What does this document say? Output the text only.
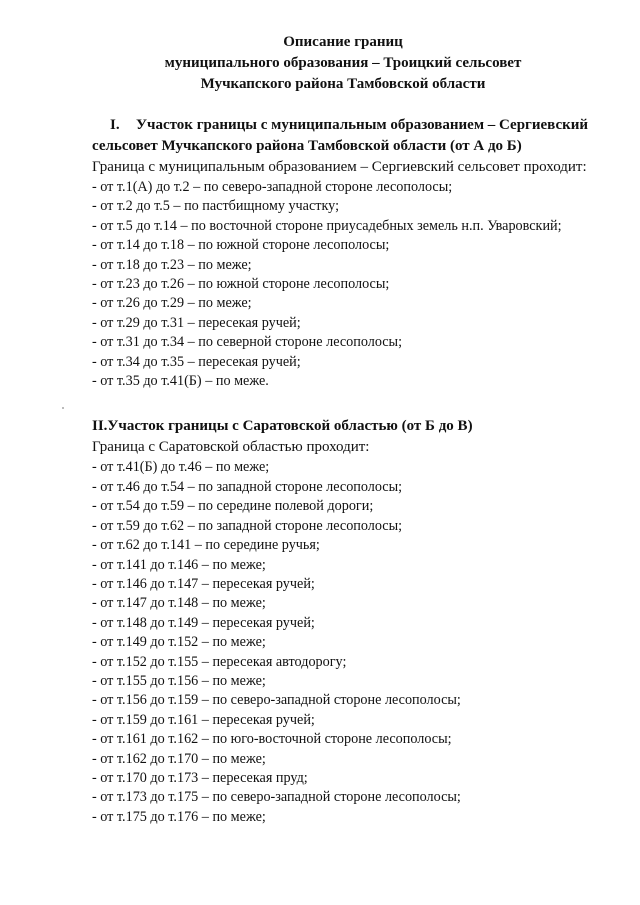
Описание границ
муниципального образования – Троицкий сельсовет
Мучкапского района Тамбовской области
I. Участок границы с муниципальным образованием – Сергиевский
сельсовет Мучкапского района Тамбовской области (от А до Б)
Граница с муниципальным образованием – Сергиевский сельсовет проходит:
- от т.1(А) до т.2 – по северо-западной стороне лесополосы;
- от т.2 до т.5 – по пастбищному участку;
- от т.5 до т.14 – по восточной стороне приусадебных земель н.п. Уваровский;
- от т.14 до т.18 – по южной стороне лесополосы;
- от т.18 до т.23 – по меже;
- от т.23 до т.26 – по южной стороне лесополосы;
- от т.26 до т.29 – по меже;
- от т.29 до т.31 – пересекая ручей;
- от т.31 до т.34 – по северной стороне лесополосы;
- от т.34 до т.35 – пересекая ручей;
- от т.35 до т.41(Б) – по меже.
II.Участок границы с Саратовской областью (от Б до В)
Граница с Саратовской областью проходит:
- от т.41(Б) до т.46 – по меже;
- от т.46 до т.54 – по западной стороне лесополосы;
- от т.54 до т.59 – по середине полевой дороги;
- от т.59 до т.62 – по западной стороне лесополосы;
- от т.62 до т.141 – по середине ручья;
- от т.141 до т.146 – по меже;
- от т.146 до т.147 – пересекая ручей;
- от т.147 до т.148 – по меже;
- от т.148 до т.149 – пересекая ручей;
- от т.149 до т.152 – по меже;
- от т.152 до т.155 – пересекая автодорогу;
- от т.155 до т.156 – по меже;
- от т.156 до т.159 – по северо-западной стороне лесополосы;
- от т.159 до т.161 – пересекая ручей;
- от т.161 до т.162 – по юго-восточной стороне лесополосы;
- от т.162 до т.170 – по меже;
- от т.170 до т.173 – пересекая пруд;
- от т.173 до т.175 – по северо-западной стороне лесополосы;
- от т.175 до т.176 – по меже;
